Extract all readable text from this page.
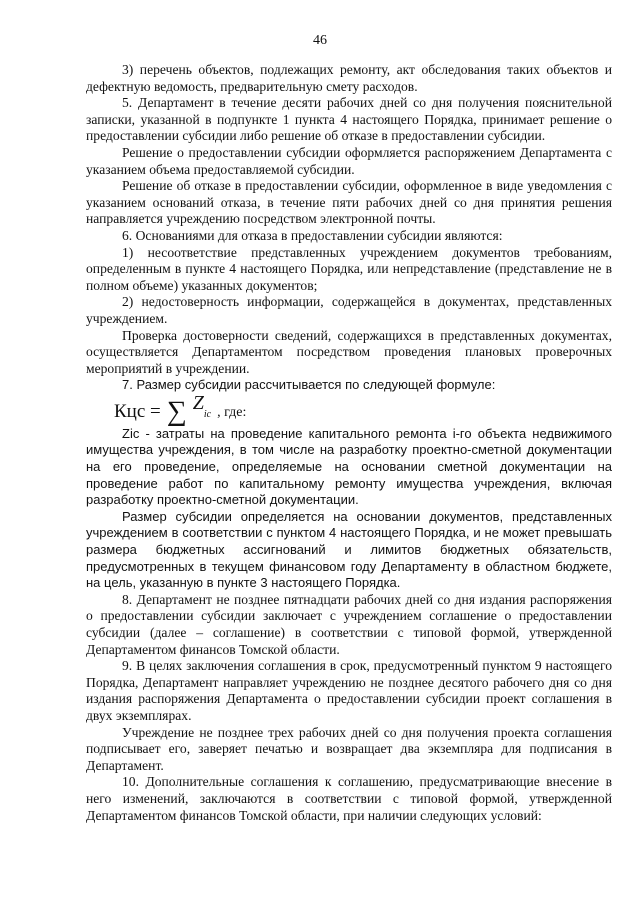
46

3) перечень объектов, подлежащих ремонту, акт обследования таких объектов и дефектную ведомость, предварительную смету расходов.

5. Департамент в течение десяти рабочих дней со дня получения пояснительной записки, указанной в подпункте 1 пункта 4 настоящего Порядка, принимает решение о предоставлении субсидии либо решение об отказе в предоставлении субсидии.

Решение о предоставлении субсидии оформляется распоряжением Департамента с указанием объема предоставляемой субсидии.

Решение об отказе в предоставлении субсидии, оформленное в виде уведомления с указанием оснований отказа, в течение пяти рабочих дней со дня принятия решения направляется учреждению посредством электронной почты.

6. Основаниями для отказа в предоставлении субсидии являются:

1) несоответствие представленных учреждением документов требованиям, определенным в пункте 4 настоящего Порядка, или непредставление (представление не в полном объеме) указанных документов;

2) недостоверность информации, содержащейся в документах, представленных учреждением.

Проверка достоверности сведений, содержащихся в представленных документах, осуществляется Департаментом посредством проведения плановых проверочных мероприятий в учреждении.

7. Размер субсидии рассчитывается по следующей формуле:

Кцс = ∑ $Z_{ic}$ , где:

Zic - затраты на проведение капитального ремонта i-го объекта недвижимого имущества учреждения, в том числе на разработку проектно-сметной документации на его проведение, определяемые на основании сметной документации на проведение работ по капитальному ремонту имущества учреждения, включая разработку проектно-сметной документации.

Размер субсидии определяется на основании документов, представленных учреждением в соответствии с пунктом 4 настоящего Порядка, и не может превышать размера бюджетных ассигнований и лимитов бюджетных обязательств, предусмотренных в текущем финансовом году Департаменту в областном бюджете, на цель, указанную в пункте 3 настоящего Порядка.

8. Департамент не позднее пятнадцати рабочих дней со дня издания распоряжения о предоставлении субсидии заключает с учреждением соглашение о предоставлении субсидии (далее – соглашение) в соответствии с типовой формой, утвержденной Департаментом финансов Томской области.

9. В целях заключения соглашения в срок, предусмотренный пунктом 9 настоящего Порядка, Департамент направляет учреждению не позднее десятого рабочего дня со дня издания распоряжения Департамента о предоставлении субсидии проект соглашения в двух экземплярах.

Учреждение не позднее трех рабочих дней со дня получения проекта соглашения подписывает его, заверяет печатью и возвращает два экземпляра для подписания в Департамент.

10. Дополнительные соглашения к соглашению, предусматривающие внесение в него изменений, заключаются в соответствии с типовой формой, утвержденной Департаментом финансов Томской области, при наличии следующих условий:
